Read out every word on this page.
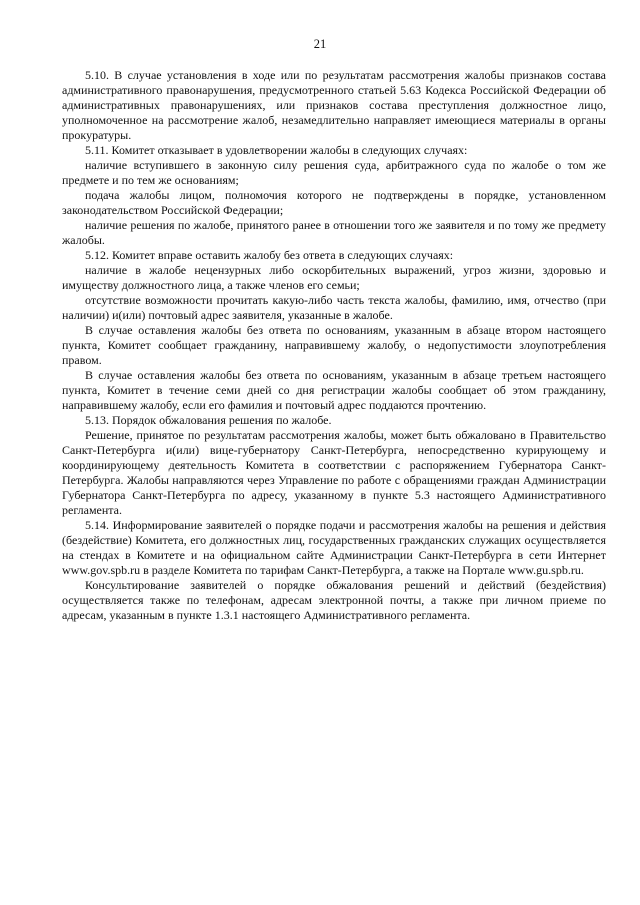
21

5.10. В случае установления в ходе или по результатам рассмотрения жалобы признаков состава административного правонарушения, предусмотренного статьей 5.63 Кодекса Российской Федерации об административных правонарушениях, или признаков состава преступления должностное лицо, уполномоченное на рассмотрение жалоб, незамедлительно направляет имеющиеся материалы в органы прокуратуры.

5.11. Комитет отказывает в удовлетворении жалобы в следующих случаях:

наличие вступившего в законную силу решения суда, арбитражного суда по жалобе о том же предмете и по тем же основаниям;

подача жалобы лицом, полномочия которого не подтверждены в порядке, установленном законодательством Российской Федерации;

наличие решения по жалобе, принятого ранее в отношении того же заявителя и по тому же предмету жалобы.

5.12. Комитет вправе оставить жалобу без ответа в следующих случаях:

наличие в жалобе нецензурных либо оскорбительных выражений, угроз жизни, здоровью и имуществу должностного лица, а также членов его семьи;

отсутствие возможности прочитать какую-либо часть текста жалобы, фамилию, имя, отчество (при наличии) и(или) почтовый адрес заявителя, указанные в жалобе.

В случае оставления жалобы без ответа по основаниям, указанным в абзаце втором настоящего пункта, Комитет сообщает гражданину, направившему жалобу, о недопустимости злоупотребления правом.

В случае оставления жалобы без ответа по основаниям, указанным в абзаце третьем настоящего пункта, Комитет в течение семи дней со дня регистрации жалобы сообщает об этом гражданину, направившему жалобу, если его фамилия и почтовый адрес поддаются прочтению.

5.13. Порядок обжалования решения по жалобе.

Решение, принятое по результатам рассмотрения жалобы, может быть обжаловано в Правительство Санкт-Петербурга и(или) вице-губернатору Санкт-Петербурга, непосредственно курирующему и координирующему деятельность Комитета в соответствии с распоряжением Губернатора Санкт-Петербурга. Жалобы направляются через Управление по работе с обращениями граждан Администрации Губернатора Санкт-Петербурга по адресу, указанному в пункте 5.3 настоящего Административного регламента.

5.14. Информирование заявителей о порядке подачи и рассмотрения жалобы на решения и действия (бездействие) Комитета, его должностных лиц, государственных гражданских служащих осуществляется на стендах в Комитете и на официальном сайте Администрации Санкт-Петербурга в сети Интернет www.gov.spb.ru в разделе Комитета по тарифам Санкт-Петербурга, а также на Портале www.gu.spb.ru.

Консультирование заявителей о порядке обжалования решений и действий (бездействия) осуществляется также по телефонам, адресам электронной почты, а также при личном приеме по адресам, указанным в пункте 1.3.1 настоящего Административного регламента.
